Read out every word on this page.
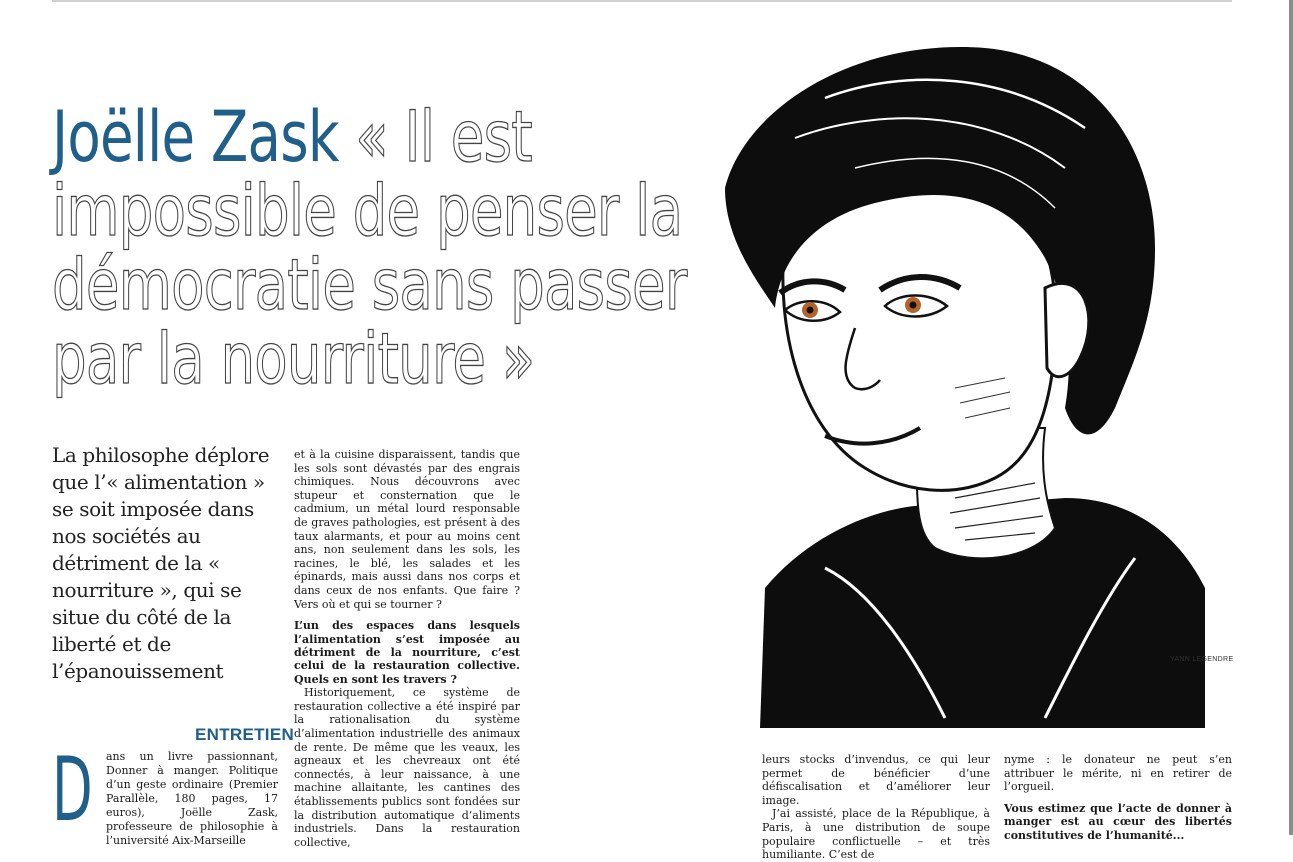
Joëlle Zask « Il est impossible de penser la démocratie sans passer par la nourriture »

La philosophe déplore que l’« alimentation » se soit imposée dans nos sociétés au détriment de la « nourriture », qui se situe du côté de la liberté et de l’épanouissement

ENTRETIEN
D ans un livre passionnant, Donner à manger. Politique d’un geste ordinaire (Premier Parallèle, 180 pages, 17 euros), Joëlle Zask, professeure de philosophie à l’université Aix-Marseille

et à la cuisine disparaissent, tandis que les sols sont dévastés par des engrais chimiques. Nous découvrons avec stupeur et consternation que le cadmium, un métal lourd responsable de graves pathologies, est présent à des taux alarmants, et pour au moins cent ans, non seulement dans les sols, les racines, le blé, les salades et les épinards, mais aussi dans nos corps et dans ceux de nos enfants. Que faire ? Vers où et qui se tourner ?

L’un des espaces dans lesquels l’alimentation s’est imposée au détriment de la nourriture, c’est celui de la restauration collective. Quels en sont les travers ?

Historiquement, ce système de restauration collective a été inspiré par la rationalisation du système d’alimentation industrielle des animaux de rente. De même que les veaux, les agneaux et les chevreaux ont été connectés, à leur naissance, à une machine allaitante, les cantines des établissements publics sont fondées sur la distribution automatique d’aliments industriels. Dans la restauration collective,

leurs stocks d’invendus, ce qui leur permet de bénéficier d’une défiscalisation et d’améliorer leur image.

J’ai assisté, place de la République, à Paris, à une distribution de soupe populaire conflictuelle – et très humiliante. C’est de

nyme : le donateur ne peut s’en attribuer le mérite, ni en retirer de l’orgueil.

Vous estimez que l’acte de donner à manger est au cœur des libertés constitutives de l’humanité...

YANN LEGENDRE
